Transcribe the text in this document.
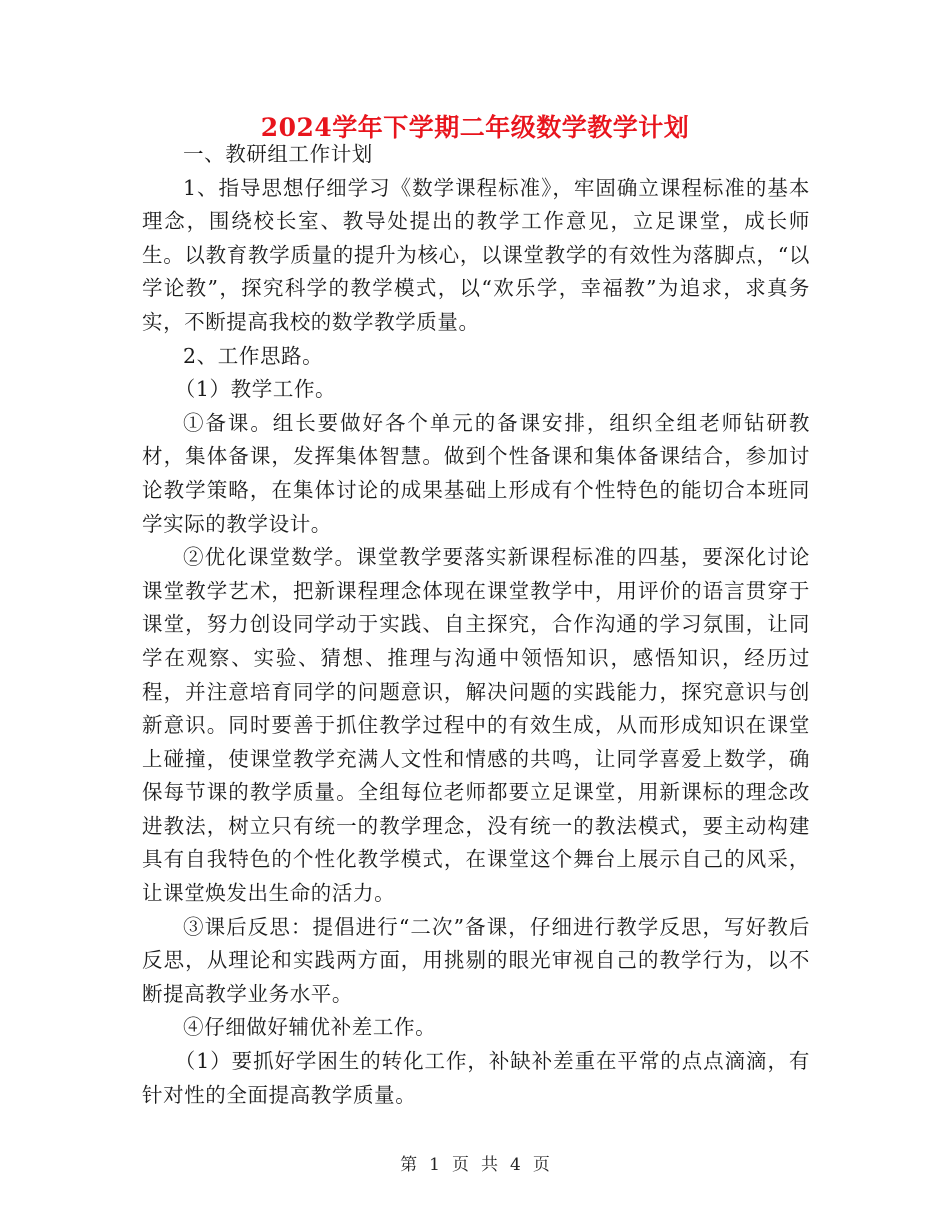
2024学年下学期二年级数学教学计划

一、教研组工作计划

1、指导思想仔细学习《数学课程标准》，牢固确立课程标准的基本理念，围绕校长室、教导处提出的教学工作意见，立足课堂，成长师生。以教育教学质量的提升为核心，以课堂教学的有效性为落脚点，“以学论教”，探究科学的教学模式，以“欢乐学，幸福教”为追求，求真务实，不断提高我校的数学教学质量。

2、工作思路。

（1）教学工作。

①备课。组长要做好各个单元的备课安排，组织全组老师钻研教材，集体备课，发挥集体智慧。做到个性备课和集体备课结合，参加讨论教学策略，在集体讨论的成果基础上形成有个性特色的能切合本班同学实际的教学设计。

②优化课堂数学。课堂教学要落实新课程标准的四基，要深化讨论课堂教学艺术，把新课程理念体现在课堂教学中，用评价的语言贯穿于课堂，努力创设同学动于实践、自主探究，合作沟通的学习氛围，让同学在观察、实验、猜想、推理与沟通中领悟知识，感悟知识，经历过程，并注意培育同学的问题意识，解决问题的实践能力，探究意识与创新意识。同时要善于抓住教学过程中的有效生成，从而形成知识在课堂上碰撞，使课堂教学充满人文性和情感的共鸣，让同学喜爱上数学，确保每节课的教学质量。全组每位老师都要立足课堂，用新课标的理念改进教法，树立只有统一的教学理念，没有统一的教法模式，要主动构建具有自我特色的个性化教学模式，在课堂这个舞台上展示自己的风采，让课堂焕发出生命的活力。

③课后反思：提倡进行“二次”备课，仔细进行教学反思，写好教后反思，从理论和实践两方面，用挑剔的眼光审视自己的教学行为，以不断提高教学业务水平。

④仔细做好辅优补差工作。

（1）要抓好学困生的转化工作，补缺补差重在平常的点点滴滴，有针对性的全面提高教学质量。

第 1 页 共 4 页
